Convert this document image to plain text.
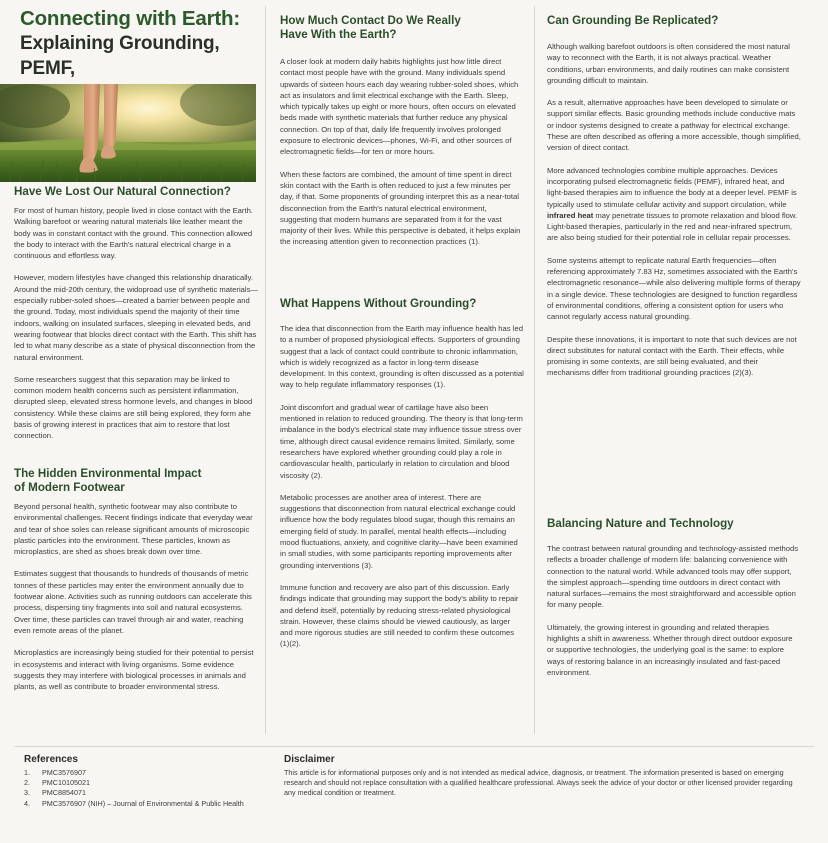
Connecting with Earth:
Explaining Grounding, PEMF,
Have We Lost Our Natural Connection?

For most of human history, people lived in close contact with the Earth. Walking barefoot or wearing natural materials like leather meant the body was in constant contact with the ground. This connection allowed the body to interact with the Earth's natural electrical charge in a continuous and effortless way.

However, modern lifestyles have changed this relationship dnaratically. Around the mid-20th century, the widoproad use of synthetic materials—especially rubber-soled shoes—created a barrier between people and the ground. Today, most individuals spend the majority of their time indoors, walking on insulated surfaces, sleeping in elevated beds, and wearing footwear that blocks direct contact with the Earth. This shift has led to what many describe as a state of physical disconnection from the natural environment.

Some researchers suggest that this separation may be linked to common modern health concerns such as persistent inflammation, disrupted sleep, elevated stress hormone levels, and changes in blood consistency. While these claims are still being explored, they form ahe basis of growing interest in practices that aim to restore that lost connection.

The Hidden Environmental Impact
of Modern Footwear

Beyond personal health, synthetic footwear may also contribute to environmental challenges. Recent findings indicate that everyday wear and tear of shoe soles can release significant amounts of microscopic plastic particles into the environment. These particles, known as microplastics, are shed as shoes break down over time.

Estimates suggest that thousands to hundreds of thousands of metric tonnes of these particles may enter the environment annually due to footwear alone. Activities such as running outdoors can accelerate this process, dispersing tiny fragments into soil and natural ecosystems. Over time, these particles can travel through air and water, reaching even remote areas of the planet.

Microplastics are increasingly being studied for their potential to persist in ecosystems and interact with living organisms. Some evidence suggests they may interfere with biological processes in animals and plants, as well as contribute to broader environmental stress.

How Much Contact Do We Really
Have With the Earth?

A closer look at modern daily habits highlights just how little direct contact most people have with the ground. Many individuals spend upwards of sixteen hours each day wearing rubber-soled shoes, which act as insulators and limit electrical exchange with the Earth. Sleep, which typically takes up eight or more hours, often occurs on elevated beds made with synthetic materials that further reduce any physical connection. On top of that, daily life frequently involves prolonged exposure to electronic devices—phones, Wi-Fi, and other sources of electromagnetic fields—for ten or more hours.

When these factors are combined, the amount of time spent in direct skin contact with the Earth is often reduced to just a few minutes per day, if that. Some proponents of grounding interpret this as a near-total disconnection from the Earth's natural electrical environment, suggesting that modern humans are separated from it for the vast majority of their lives. While this perspective is debated, it helps explain the increasing attention given to reconnection practices (1).

What Happens Without Grounding?

The idea that disconnection from the Earth may influence health has led to a number of proposed physiological effects. Supporters of grounding suggest that a lack of contact could contribute to chronic inflammation, which is widely recognized as a factor in long-term disease development. In this context, grounding is often discussed as a potential way to help regulate inflammatory responses (1).

Joint discomfort and gradual wear of cartilage have also been mentioned in relation to reduced grounding. The theory is that long-term imbalance in the body's electrical state may influence tissue stress over time, although direct causal evidence remains limited. Similarly, some researchers have explored whether grounding could play a role in cardiovascular health, particularly in relation to circulation and blood viscosity (2).

Metabolic processes are another area of interest. There are suggestions that disconnection from natural electrical exchange could influence how the body regulates blood sugar, though this remains an emerging field of study. In parallel, mental health effects—including mood fluctuations, anxiety, and cognitive clarity—have been examined in small studies, with some participants reporting improvements after grounding interventions (3).

Immune function and recovery are also part of this discussion. Early findings indicate that grounding may support the body's ability to repair and defend itself, potentially by reducing stress-related physiological strain. However, these claims should be viewed cautiously, as larger and more rigorous studies are still needed to confirm these outcomes (1)(2).

Can Grounding Be Replicated?

Although walking barefoot outdoors is often considered the most natural way to reconnect with the Earth, it is not always practical. Weather conditions, urban environments, and daily routines can make consistent grounding difficult to maintain.

As a result, alternative approaches have been developed to simulate or support similar effects. Basic grounding methods include conductive mats or indoor systems designed to create a pathway for electrical exchange. These are often described as offering a more accessible, though simplified, version of direct contact.

More advanced technologies combine multiple approaches. Devices incorporating pulsed electromagnetic fields (PEMF), infrared heat, and light-based therapies aim to influence the body at a deeper level. PEMF is typically used to stimulate cellular activity and support circulation, while infrared heat may penetrate tissues to promote relaxation and blood flow. Light-based therapies, particularly in the red and near-infrared spectrum, are also being studied for their potential role in cellular repair processes.

Some systems attempt to replicate natural Earth frequencies—often referencing approximately 7.83 Hz, sometimes associated with the Earth's electromagnetic resonance—while also delivering multiple forms of therapy in a single device. These technologies are designed to function regardless of environmental conditions, offering a consistent option for users who cannot regularly access natural grounding.

Despite these innovations, it is important to note that such devices are not direct substitutes for natural contact with the Earth. Their effects, while promising in some contexts, are still being evaluated, and their mechanisms differ from traditional grounding practices (2)(3).

Balancing Nature and Technology

The contrast between natural grounding and technology-assisted methods reflects a broader challenge of modern life: balancing convenience with connection to the natural world. While advanced tools may offer support, the simplest approach—spending time outdoors in direct contact with natural surfaces—remains the most straightforward and accessible option for many people.

Ultimately, the growing interest in grounding and related therapies highlights a shift in awareness. Whether through direct outdoor exposure or supportive technologies, the underlying goal is the same: to explore ways of restoring balance in an increasingly insulated and fast-paced environment.

References
1. PMC3576907
2. PMC10105021
3. PMC8854071
4. PMC3576907 (NIH) – Journal of Environmental & Public Health
Disclaimer
This article is for informational purposes only and is not intended as medical advice, diagnosis, or treatment. The information presented is based on emerging research and should not replace consultation with a qualified healthcare professional. Always seek the advice of your doctor or other licensed provider regarding any medical condition or treatment.
